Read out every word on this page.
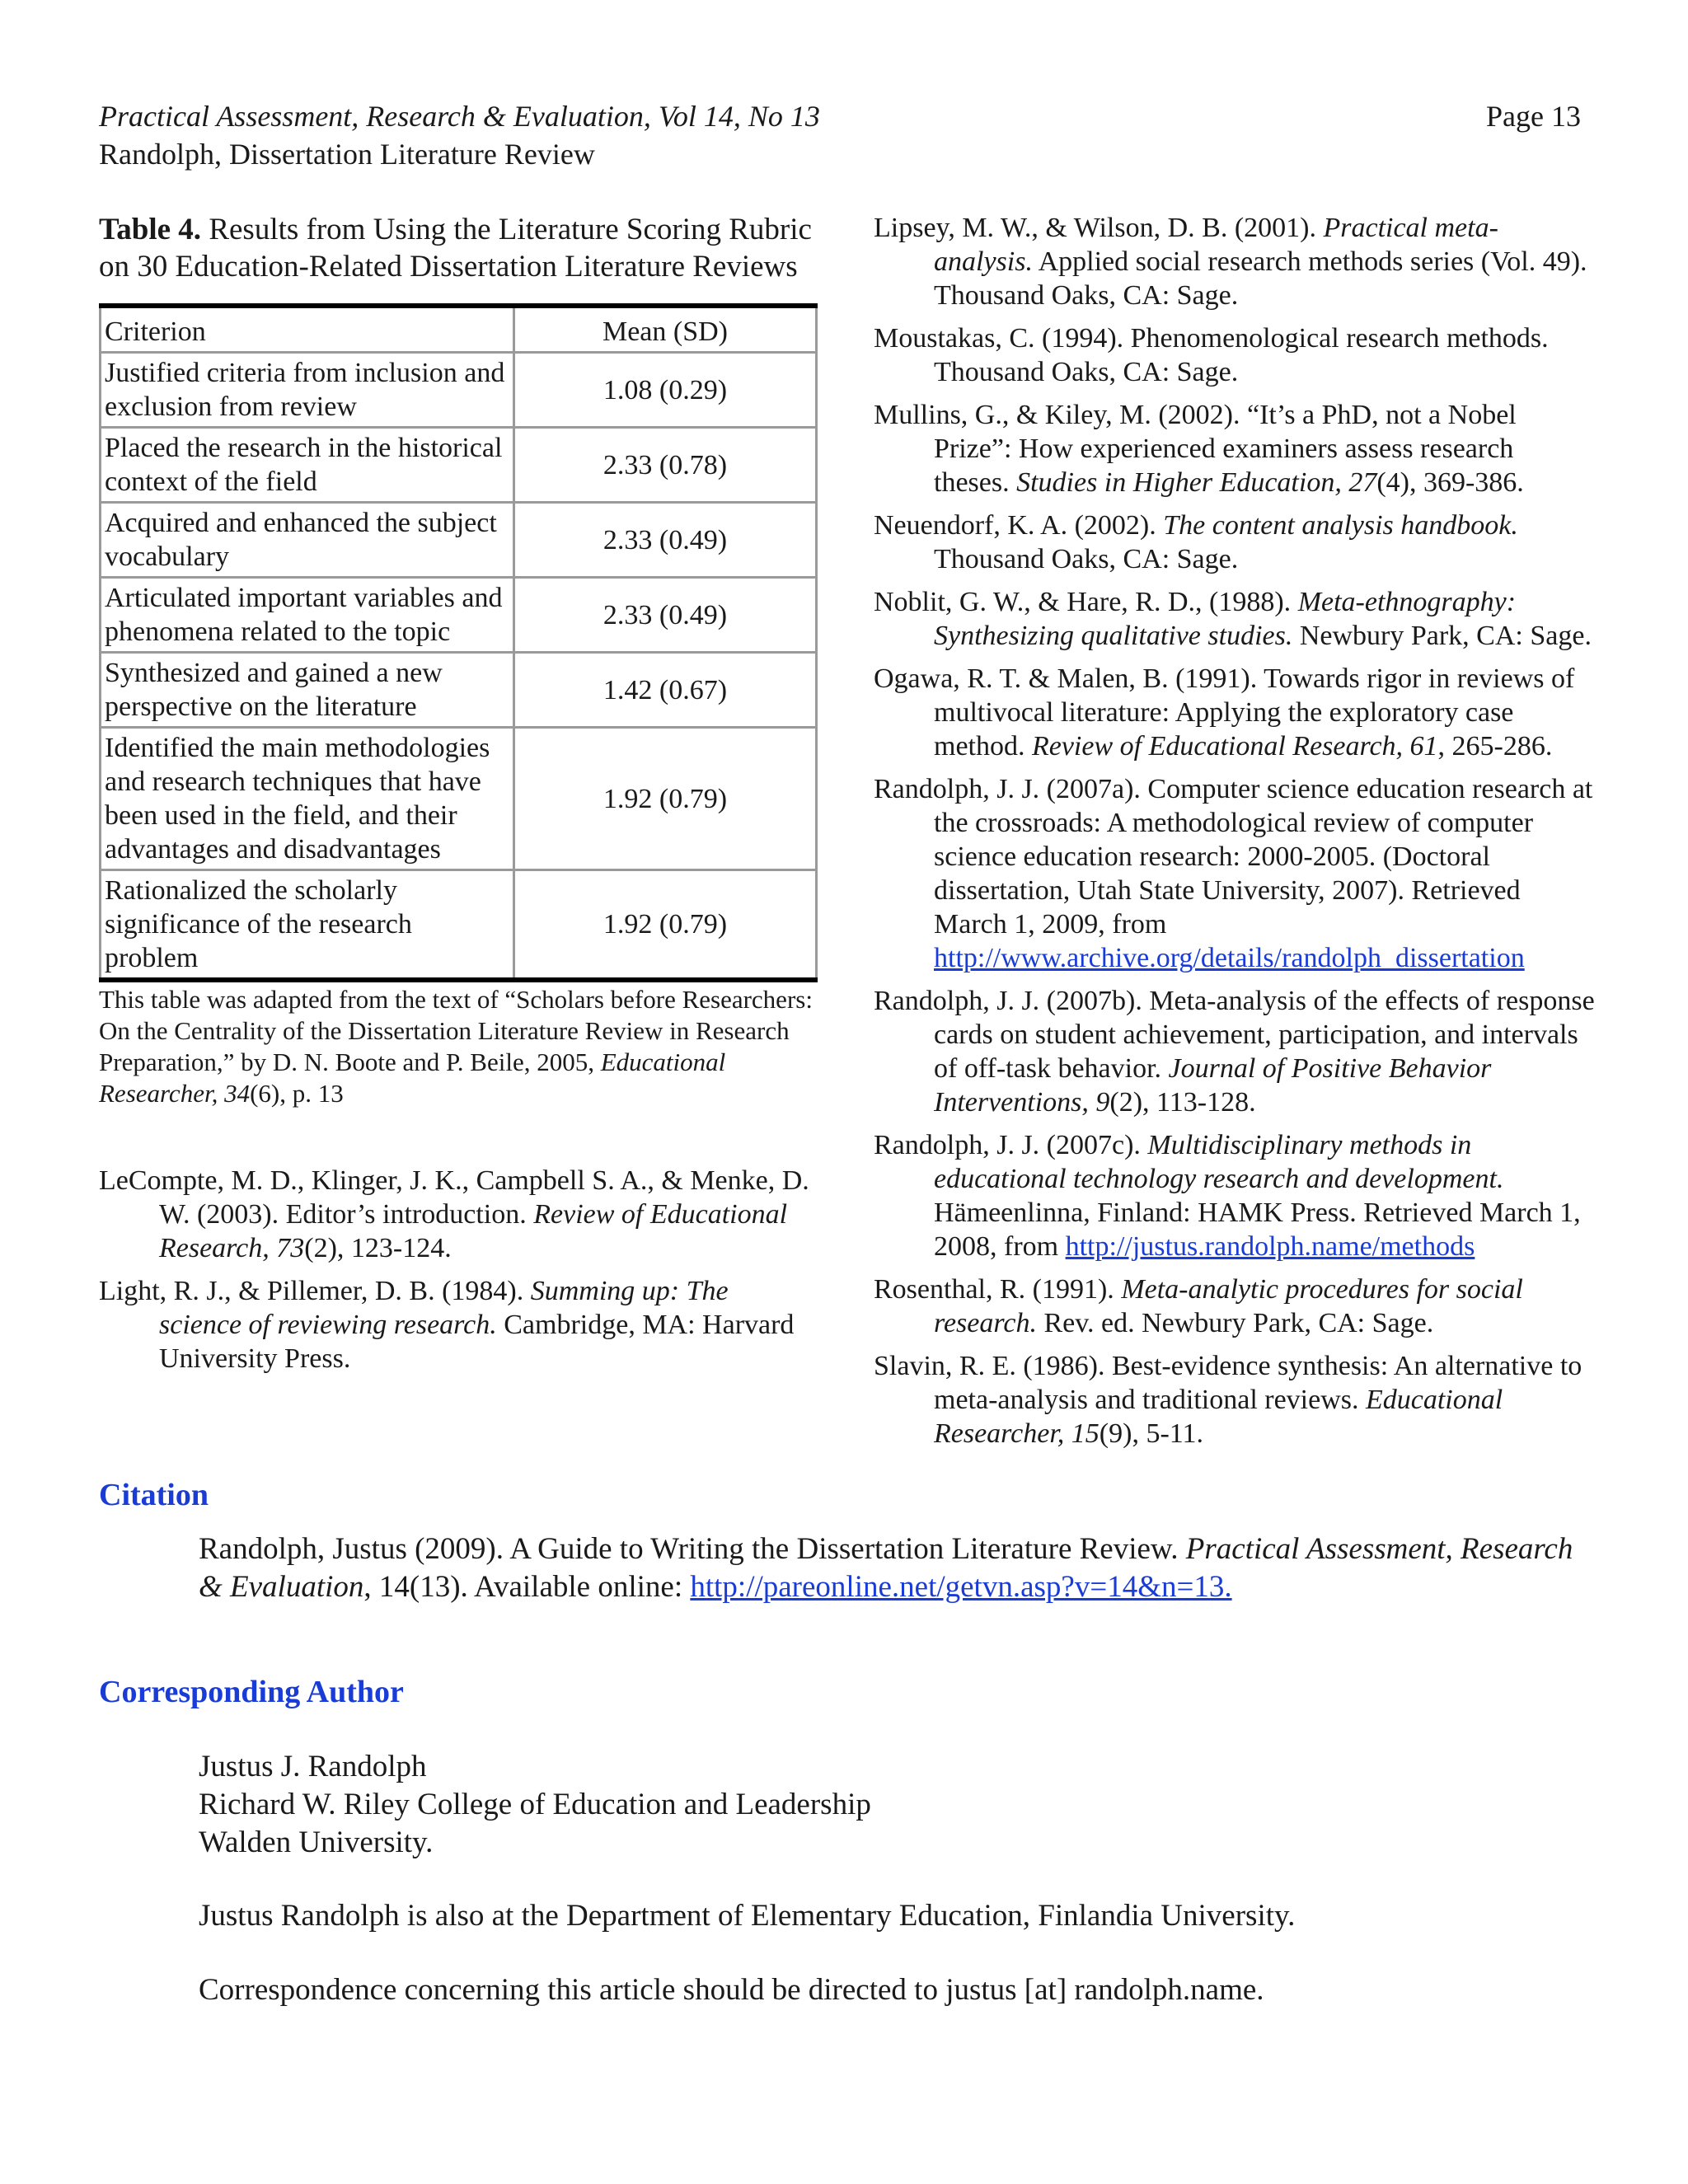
Practical Assessment, Research & Evaluation, Vol 14, No 13
Randolph, Dissertation Literature Review
Page 13

Table 4. Results from Using the Literature Scoring Rubric on 30 Education-Related Dissertation Literature Reviews

Criterion	Mean (SD)
Justified criteria from inclusion and exclusion from review	1.08 (0.29)
Placed the research in the historical context of the field	2.33 (0.78)
Acquired and enhanced the subject vocabulary	2.33 (0.49)
Articulated important variables and phenomena related to the topic	2.33 (0.49)
Synthesized and gained a new perspective on the literature	1.42 (0.67)
Identified the main methodologies and research techniques that have been used in the field, and their advantages and disadvantages	1.92 (0.79)
Rationalized the scholarly significance of the research problem	1.92 (0.79)
This table was adapted from the text of “Scholars before Researchers: On the Centrality of the Dissertation Literature Review in Research Preparation,” by D. N. Boote and P. Beile, 2005, Educational Researcher, 34(6), p. 13

LeCompte, M. D., Klinger, J. K., Campbell S. A., & Menke, D. W. (2003). Editor’s introduction. Review of Educational Research, 73(2), 123-124.

Light, R. J., & Pillemer, D. B. (1984). Summing up: The science of reviewing research. Cambridge, MA: Harvard University Press.

Lipsey, M. W., & Wilson, D. B. (2001). Practical meta-analysis. Applied social research methods series (Vol. 49). Thousand Oaks, CA: Sage.

Moustakas, C. (1994). Phenomenological research methods. Thousand Oaks, CA: Sage.

Mullins, G., & Kiley, M. (2002). “It’s a PhD, not a Nobel Prize”: How experienced examiners assess research theses. Studies in Higher Education, 27(4), 369-386.

Neuendorf, K. A. (2002). The content analysis handbook. Thousand Oaks, CA: Sage.

Noblit, G. W., & Hare, R. D., (1988). Meta-ethnography: Synthesizing qualitative studies. Newbury Park, CA: Sage.

Ogawa, R. T. & Malen, B. (1991). Towards rigor in reviews of multivocal literature: Applying the exploratory case method. Review of Educational Research, 61, 265-286.

Randolph, J. J. (2007a). Computer science education research at the crossroads: A methodological review of computer science education research: 2000-2005. (Doctoral dissertation, Utah State University, 2007). Retrieved March 1, 2009, from http://www.archive.org/details/randolph_dissertation

Randolph, J. J. (2007b). Meta-analysis of the effects of response cards on student achievement, participation, and intervals of off-task behavior. Journal of Positive Behavior Interventions, 9(2), 113-128.

Randolph, J. J. (2007c). Multidisciplinary methods in educational technology research and development. Hämeenlinna, Finland: HAMK Press. Retrieved March 1, 2008, from http://justus.randolph.name/methods

Rosenthal, R. (1991). Meta-analytic procedures for social research. Rev. ed. Newbury Park, CA: Sage.

Slavin, R. E. (1986). Best-evidence synthesis: An alternative to meta-analysis and traditional reviews. Educational Researcher, 15(9), 5-11.

Citation

Randolph, Justus (2009). A Guide to Writing the Dissertation Literature Review. Practical Assessment, Research & Evaluation, 14(13). Available online: http://pareonline.net/getvn.asp?v=14&n=13.

Corresponding Author

Justus J. Randolph

Richard W. Riley College of Education and Leadership

Walden University.

Justus Randolph is also at the Department of Elementary Education, Finlandia University.
Correspondence concerning this article should be directed to justus [at] randolph.name.
